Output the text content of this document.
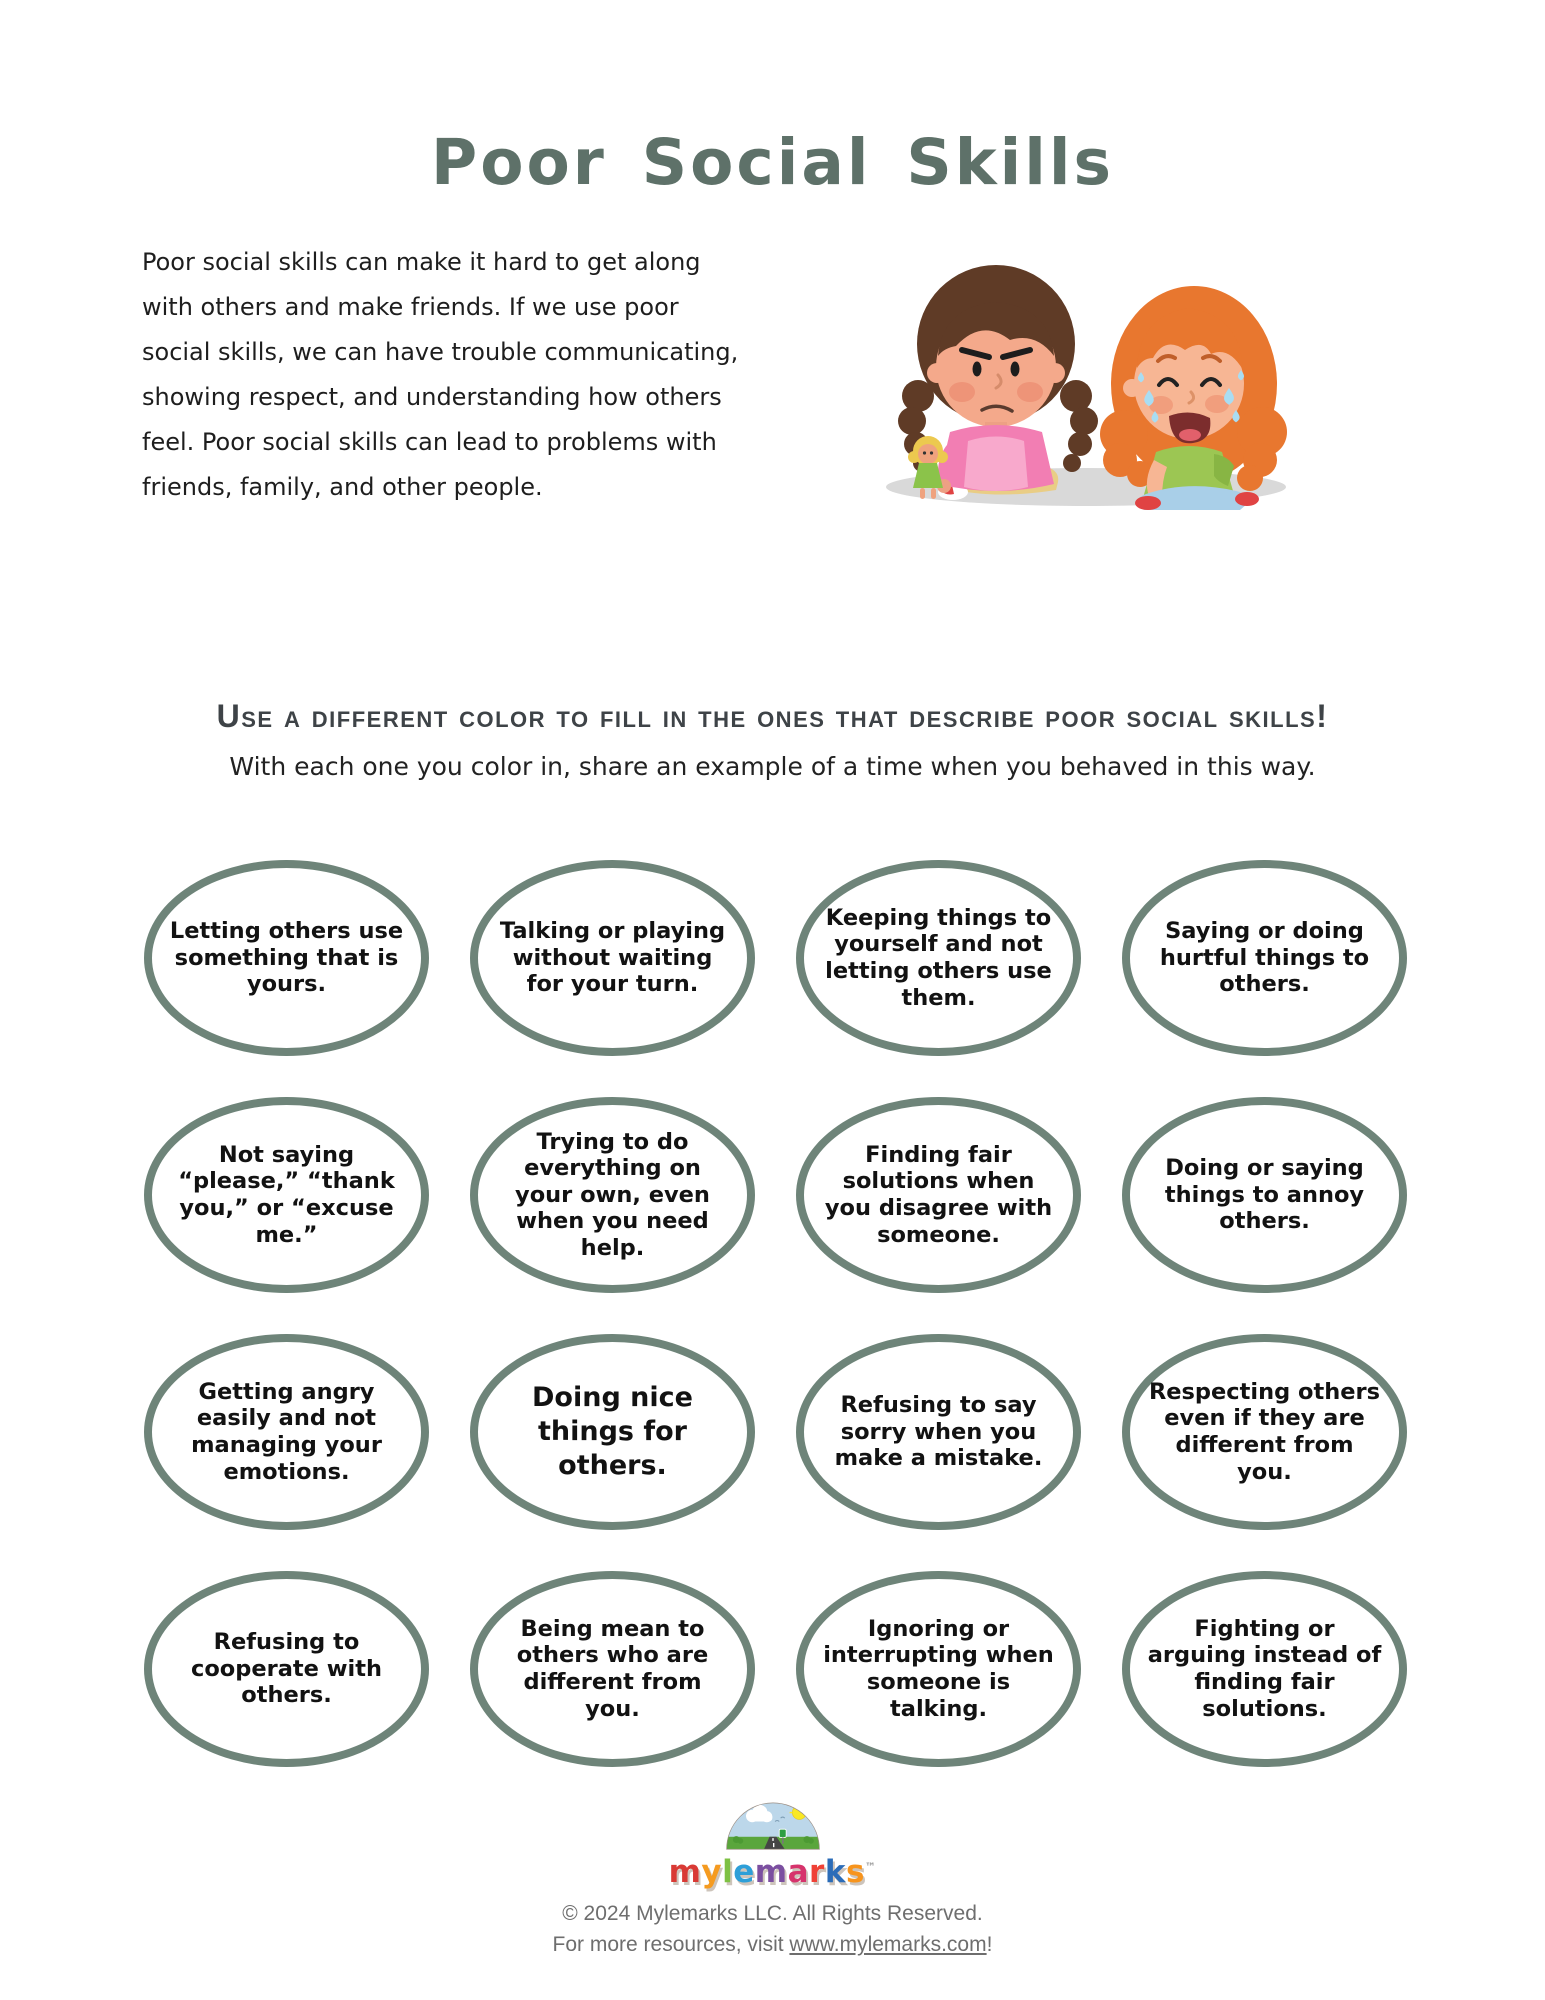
Poor Social Skills
Poor social skills can make it hard to get along
with others and make friends. If we use poor
social skills, we can have trouble communicating,
showing respect, and understanding how others
feel. Poor social skills can lead to problems with
friends, family, and other people.
Use a different color to fill in the ones that describe poor social skills!
With each one you color in, share an example of a time when you behaved in this way.
Letting others use something that is yours.
Talking or playing without waiting for your turn.
Keeping things to yourself and not letting others use them.
Saying or doing hurtful things to others.
Not saying “please,” “thank you,” or “excuse me.”
Trying to do everything on your own, even when you need help.
Finding fair solutions when you disagree with someone.
Doing or saying things to annoy others.
Getting angry easily and not managing your emotions.
Doing nice things for others.
Refusing to say sorry when you make a mistake.
Respecting others even if they are different from you.
Refusing to cooperate with others.
Being mean to others who are different from you.
Ignoring or interrupting when someone is talking.
Fighting or arguing instead of finding fair solutions.
mylemarks™
© 2024 Mylemarks LLC. All Rights Reserved.
For more resources, visit www.mylemarks.com!
